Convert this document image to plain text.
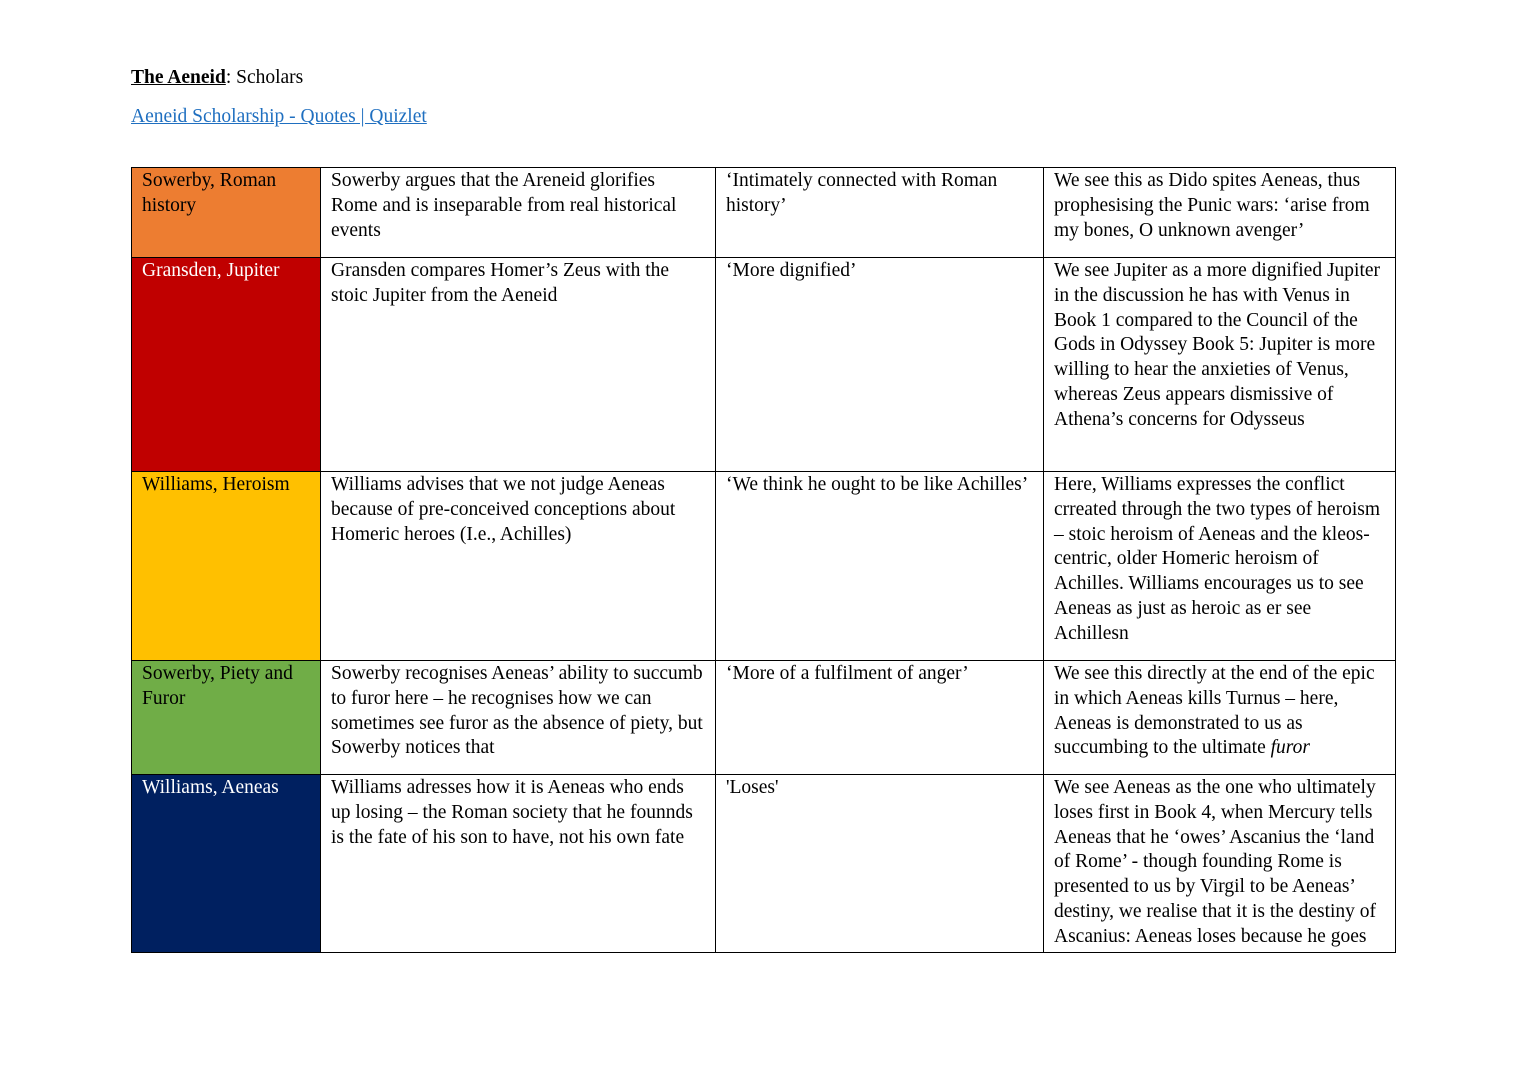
The Aeneid: Scholars
Aeneid Scholarship - Quotes | Quizlet
Sowerby, Roman history	Sowerby argues that the Areneid glorifies Rome and is inseparable from real historical events	‘Intimately connected with Roman history’	We see this as Dido spites Aeneas, thus prophesising the Punic wars: ‘arise from my bones, O unknown avenger’
Gransden, Jupiter	Gransden compares Homer’s Zeus with the stoic Jupiter from the Aeneid	‘More dignified’	We see Jupiter as a more dignified Jupiter in the discussion he has with Venus in Book 1 compared to the Council of the Gods in Odyssey Book 5: Jupiter is more willing to hear the anxieties of Venus, whereas Zeus appears dismissive of Athena’s concerns for Odysseus
Williams, Heroism	Williams advises that we not judge Aeneas because of pre-conceived conceptions about Homeric heroes (I.e., Achilles)	‘We think he ought to be like Achilles’	Here, Williams expresses the conflict crreated through the two types of heroism – stoic heroism of Aeneas and the kleos-centric, older Homeric heroism of Achilles. Williams encourages us to see Aeneas as just as heroic as er see Achillesn
Sowerby, Piety and Furor	Sowerby recognises Aeneas’ ability to succumb to furor here – he recognises how we can sometimes see furor as the absence of piety, but Sowerby notices that	‘More of a fulfilment of anger’	We see this directly at the end of the epic in which Aeneas kills Turnus – here, Aeneas is demonstrated to us as succumbing to the ultimate furor
Williams, Aeneas	Williams adresses how it is Aeneas who ends up losing – the Roman society that he founnds is the fate of his son to have, not his own fate	'Loses'	We see Aeneas as the one who ultimately loses first in Book 4, when Mercury tells Aeneas that he ‘owes’ Ascanius the ‘land of Rome’ - though founding Rome is presented to us by Virgil to be Aeneas’ destiny, we realise that it is the destiny of Ascanius: Aeneas loses because he goes
